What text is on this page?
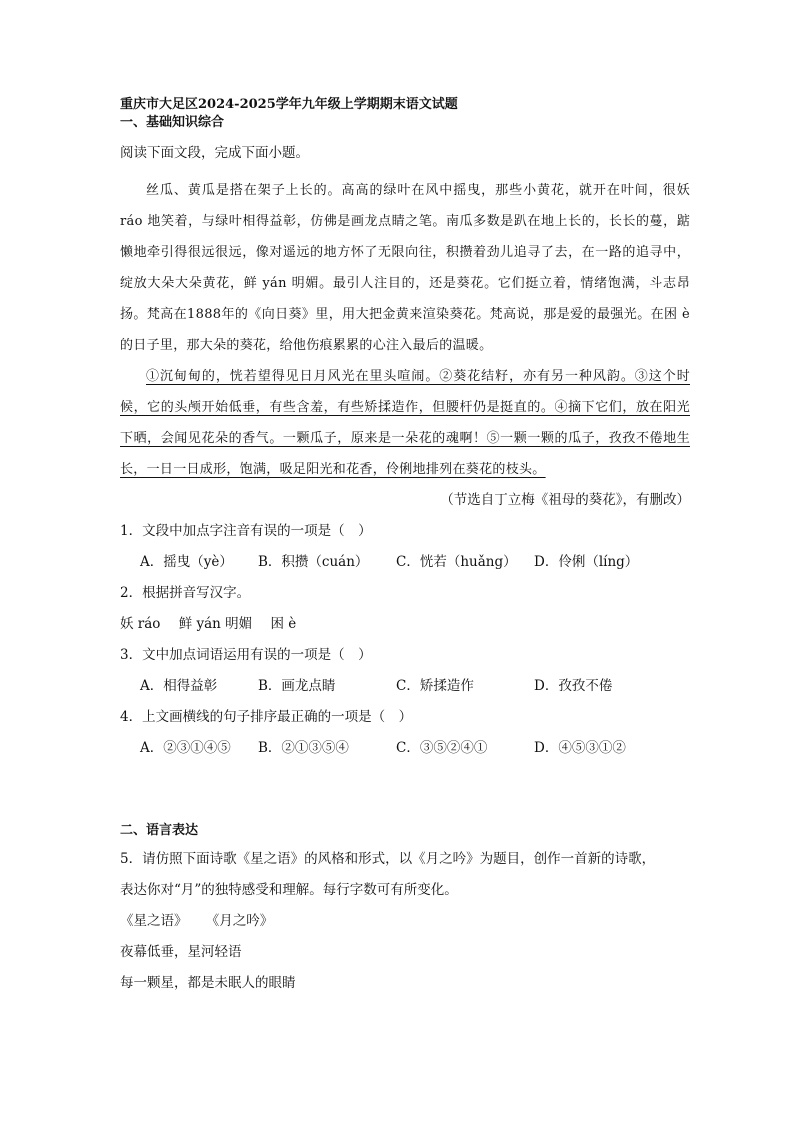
重庆市大足区2024-2025学年九年级上学期期末语文试题

一、基础知识综合

阅读下面文段，完成下面小题。

丝瓜、黄瓜是搭在架子上长的。高高的绿叶在风中摇曳，那些小黄花，就开在叶间，很妖 ráo 地笑着，与绿叶相得益彰，仿佛是画龙点睛之笔。南瓜多数是趴在地上长的，长长的蔓，踮懒地牵引得很远很远，像对遥远的地方怀了无限向往，积攒着劲儿追寻了去，在一路的追寻中，绽放大朵大朵黄花，鲜 yán 明媚。最引人注目的，还是葵花。它们挺立着，情绪饱满，斗志昂扬。梵高在1888年的《向日葵》里，用大把金黄来渲染葵花。梵高说，那是爱的最强光。在困 è 的日子里，那大朵的葵花，给他伤痕累累的心注入最后的温暖。

①沉甸甸的，恍若望得见日月风光在里头喧闹。②葵花结籽，亦有另一种风韵。③这个时候，它的头颅开始低垂，有些含羞，有些矫揉造作，但腰杆仍是挺直的。④摘下它们，放在阳光下晒，会闻见花朵的香气。一颗瓜子，原来是一朵花的魂啊！⑤一颗一颗的瓜子，孜孜不倦地生长，一日一日成形，饱满，吸足阳光和花香，伶俐地排列在葵花的枝头。

（节选自丁立梅《祖母的葵花》，有删改）

1．文段中加点字注音有误的一项是（　）

A．摇曳（yè）	B．积攒（cuán）	C．恍若（huǎng）	D．伶俐（líng）

2．根据拼音写汉字。

妖 ráo 鲜 yán 明媚 困 è

3．文中加点词语运用有误的一项是（　）

A．相得益彰	B．画龙点睛	C．矫揉造作	D．孜孜不倦

4．上文画横线的句子排序最正确的一项是（　）

A．②③①④⑤	B．②①③⑤④	C．③⑤②④①	D．④⑤③①②

二、语言表达

5．请仿照下面诗歌《星之语》的风格和形式，以《月之吟》为题目，创作一首新的诗歌，

表达你对“月”的独特感受和理解。每行字数可有所变化。

《星之语》 《月之吟》

夜幕低垂，星河轻语

每一颗星，都是未眠人的眼睛
